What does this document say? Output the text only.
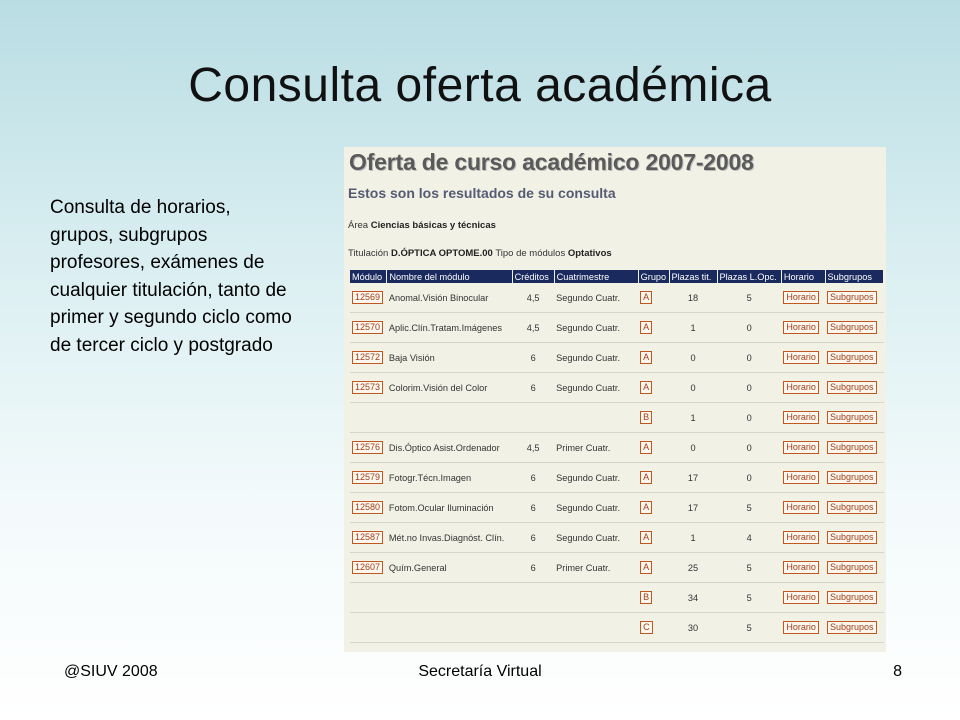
Consulta oferta académica
Consulta de horarios, grupos, subgrupos profesores, exámenes de cualquier titulación, tanto de primer y segundo ciclo como de tercer ciclo y postgrado
Oferta de curso académico 2007-2008
Estos son los resultados de su consulta
Área Ciencias básicas y técnicas
Titulación D.ÓPTICA OPTOME.00 Tipo de módulos Optativos
Módulo	Nombre del módulo	Créditos	Cuatrimestre	Grupo	Plazas tit.	Plazas L.Opc.	Horario	Subgrupos
12569	Anomal.Visión Binocular	4,5	Segundo Cuatr.	A	18	5	Horario	Subgrupos
12570	Aplic.Clín.Tratam.Imágenes	4,5	Segundo Cuatr.	A	1	0	Horario	Subgrupos
12572	Baja Visión	6	Segundo Cuatr.	A	0	0	Horario	Subgrupos
12573	Colorim.Visión del Color	6	Segundo Cuatr.	A	0	0	Horario	Subgrupos
				B	1	0	Horario	Subgrupos
12576	Dis.Óptico Asist.Ordenador	4,5	Primer Cuatr.	A	0	0	Horario	Subgrupos
12579	Fotogr.Técn.Imagen	6	Segundo Cuatr.	A	17	0	Horario	Subgrupos
12580	Fotom.Ocular Iluminación	6	Segundo Cuatr.	A	17	5	Horario	Subgrupos
12587	Mét.no Invas.Diagnóst. Clín.	6	Segundo Cuatr.	A	1	4	Horario	Subgrupos
12607	Quím.General	6	Primer Cuatr.	A	25	5	Horario	Subgrupos
				B	34	5	Horario	Subgrupos
				C	30	5	Horario	Subgrupos
@SIUV 2008	Secretaría Virtual	8
